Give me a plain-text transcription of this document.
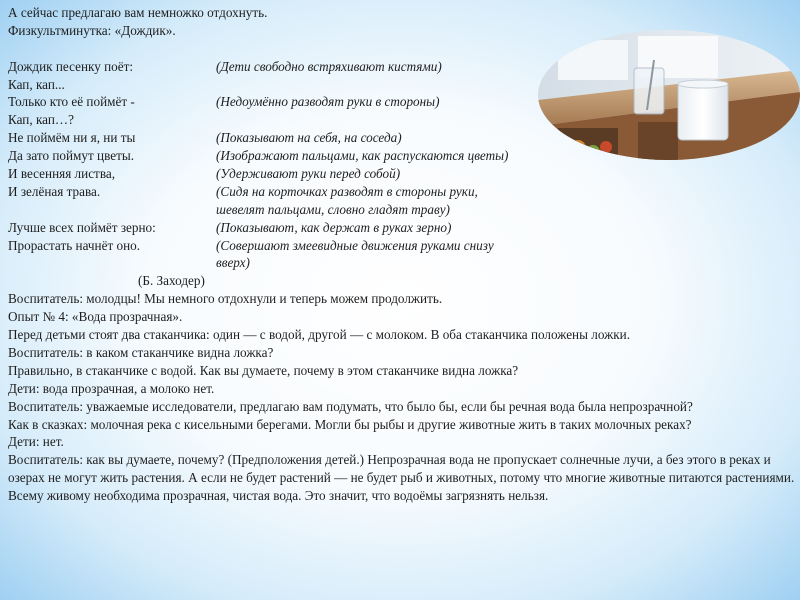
А сейчас предлагаю вам немножко отдохнуть.
Физкультминутка: «Дождик».
Дождик песенку поёт:	(Дети свободно встряхивают кистями)
Кап, кап...
Только кто её поймёт -	(Недоумённо разводят руки в стороны)
Кап, кап…?
Не поймём ни я, ни ты	(Показывают на себя, на соседа)
Да зато поймут цветы.	(Изображают пальцами, как распускаются цветы)
И весенняя листва,	(Удерживают руки перед собой)
И зелёная трава.	(Сидя на корточках разводят в стороны руки,
шевелят пальцами, словно гладят траву)
Лучше всех поймёт зерно:	(Показывают, как держат в руках зерно)
Прорастать начнёт оно.	(Совершают змеевидные движения руками снизу
вверх)
(Б. Заходер)
Воспитатель: молодцы! Мы немного отдохнули и теперь можем продолжить.
Опыт № 4: «Вода прозрачная».
Перед детьми стоят два стаканчика: один — с водой, другой — с молоком. В оба стаканчика положены ложки.
Воспитатель: в каком стаканчике видна ложка?
Правильно, в стаканчике с водой. Как вы думаете, почему в этом стаканчике видна ложка?
Дети: вода прозрачная, а молоко нет.
Воспитатель: уважаемые исследователи, предлагаю вам подумать, что было бы, если бы речная вода была непрозрачной?
Как в сказках: молочная река с кисельными берегами. Могли бы рыбы и другие животные жить в таких молочных реках?
Дети: нет.
Воспитатель: как вы думаете, почему? (Предположения детей.) Непрозрачная вода не пропускает солнечные лучи, а без этого в реках и озерах не могут жить растения. А если не будет растений — не будет рыб и животных, потому что многие животные питаются растениями. Всему живому необходима прозрачная, чистая вода. Это значит, что водоёмы загрязнять нельзя.
